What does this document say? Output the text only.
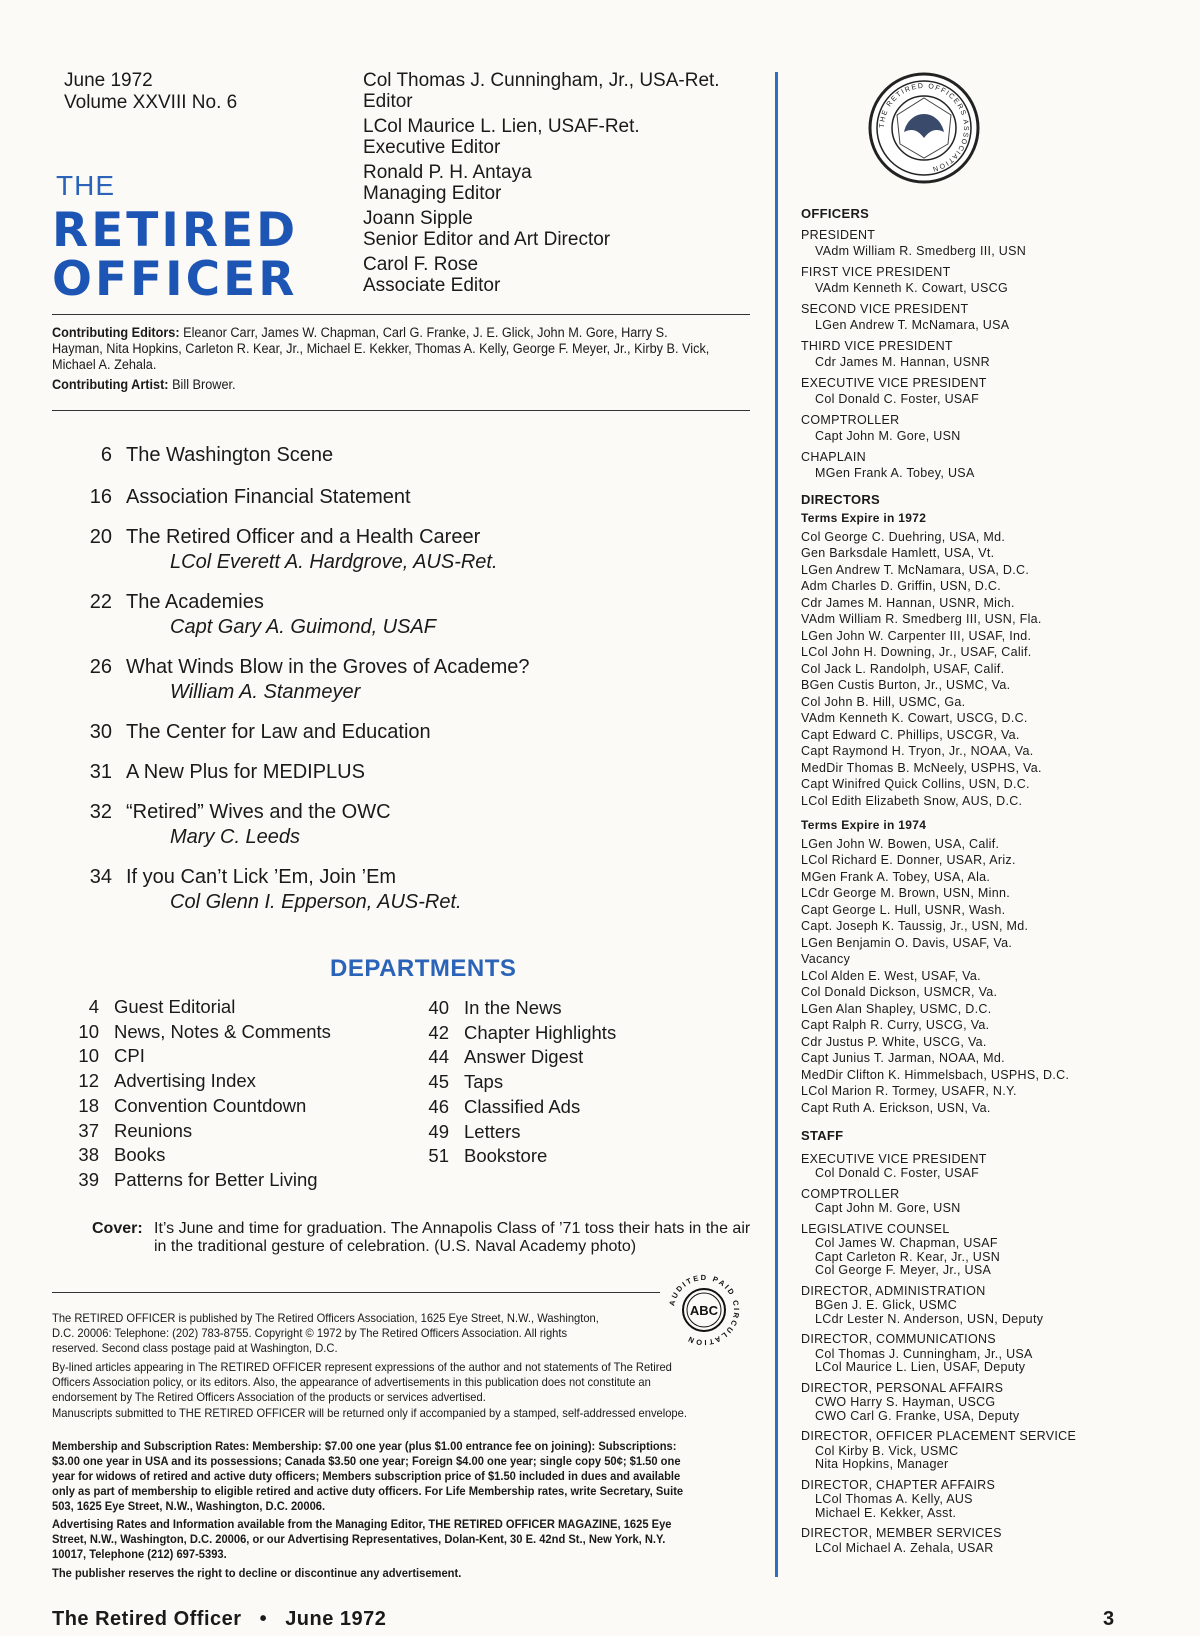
June 1972
Volume XXVIII No. 6
THE
RETIRED
OFFICER
Col Thomas J. Cunningham, Jr., USA-Ret.
Editor
LCol Maurice L. Lien, USAF-Ret.
Executive Editor
Ronald P. H. Antaya
Managing Editor
Joann Sipple
Senior Editor and Art Director
Carol F. Rose
Associate Editor
Contributing Editors: Eleanor Carr, James W. Chapman, Carl G. Franke, J. E. Glick, John M. Gore, Harry S. Hayman, Nita Hopkins, Carleton R. Kear, Jr., Michael E. Kekker, Thomas A. Kelly, George F. Meyer, Jr., Kirby B. Vick, Michael A. Zehala.
Contributing Artist: Bill Brower.
6 The Washington Scene
16 Association Financial Statement
20 The Retired Officer and a Health Career
LCol Everett A. Hardgrove, AUS-Ret.
22 The Academies
Capt Gary A. Guimond, USAF
26 What Winds Blow in the Groves of Academe?
William A. Stanmeyer
30 The Center for Law and Education
31 A New Plus for MEDIPLUS
32 “Retired” Wives and the OWC
Mary C. Leeds
34 If you Can’t Lick ’Em, Join ’Em
Col Glenn I. Epperson, AUS-Ret.
DEPARTMENTS
4 Guest Editorial
10 News, Notes & Comments
10 CPI
12 Advertising Index
18 Convention Countdown
37 Reunions
38 Books
39 Patterns for Better Living
40 In the News
42 Chapter Highlights
44 Answer Digest
45 Taps
46 Classified Ads
49 Letters
51 Bookstore
Cover: It’s June and time for graduation. The Annapolis Class of ’71 toss their hats in the air in the traditional gesture of celebration. (U.S. Naval Academy photo)
ABC
AUDITED PAID CIRCULATION
The RETIRED OFFICER is published by The Retired Officers Association, 1625 Eye Street, N.W., Washington, D.C. 20006: Telephone: (202) 783-8755. Copyright © 1972 by The Retired Officers Association. All rights reserved. Second class postage paid at Washington, D.C.
By-lined articles appearing in The RETIRED OFFICER represent expressions of the author and not statements of The Retired Officers Association policy, or its editors. Also, the appearance of advertisements in this publication does not constitute an endorsement by The Retired Officers Association of the products or services advertised.
Manuscripts submitted to THE RETIRED OFFICER will be returned only if accompanied by a stamped, self-addressed envelope.
Membership and Subscription Rates: Membership: $7.00 one year (plus $1.00 entrance fee on joining): Subscriptions: $3.00 one year in USA and its possessions; Canada $3.50 one year; Foreign $4.00 one year; single copy 50¢; $1.50 one year for widows of retired and active duty officers; Members subscription price of $1.50 included in dues and available only as part of membership to eligible retired and active duty officers. For Life Membership rates, write Secretary, Suite 503, 1625 Eye Street, N.W., Washington, D.C. 20006.
Advertising Rates and Information available from the Managing Editor, THE RETIRED OFFICER MAGAZINE, 1625 Eye Street, N.W., Washington, D.C. 20006, or our Advertising Representatives, Dolan-Kent, 30 E. 42nd St., New York, N.Y. 10017, Telephone (212) 697-5393.
The publisher reserves the right to decline or discontinue any advertisement.
The Retired Officer • June 1972	3
THE RETIRED OFFICERS ASSOCIATION
OFFICERS
PRESIDENT
VAdm William R. Smedberg III, USN
FIRST VICE PRESIDENT
VAdm Kenneth K. Cowart, USCG
SECOND VICE PRESIDENT
LGen Andrew T. McNamara, USA
THIRD VICE PRESIDENT
Cdr James M. Hannan, USNR
EXECUTIVE VICE PRESIDENT
Col Donald C. Foster, USAF
COMPTROLLER
Capt John M. Gore, USN
CHAPLAIN
MGen Frank A. Tobey, USA
DIRECTORS
Terms Expire in 1972
Col George C. Duehring, USA, Md.
Gen Barksdale Hamlett, USA, Vt.
LGen Andrew T. McNamara, USA, D.C.
Adm Charles D. Griffin, USN, D.C.
Cdr James M. Hannan, USNR, Mich.
VAdm William R. Smedberg III, USN, Fla.
LGen John W. Carpenter III, USAF, Ind.
LCol John H. Downing, Jr., USAF, Calif.
Col Jack L. Randolph, USAF, Calif.
BGen Custis Burton, Jr., USMC, Va.
Col John B. Hill, USMC, Ga.
VAdm Kenneth K. Cowart, USCG, D.C.
Capt Edward C. Phillips, USCGR, Va.
Capt Raymond H. Tryon, Jr., NOAA, Va.
MedDir Thomas B. McNeely, USPHS, Va.
Capt Winifred Quick Collins, USN, D.C.
LCol Edith Elizabeth Snow, AUS, D.C.
Terms Expire in 1974
LGen John W. Bowen, USA, Calif.
LCol Richard E. Donner, USAR, Ariz.
MGen Frank A. Tobey, USA, Ala.
LCdr George M. Brown, USN, Minn.
Capt George L. Hull, USNR, Wash.
Capt. Joseph K. Taussig, Jr., USN, Md.
LGen Benjamin O. Davis, USAF, Va.
Vacancy
LCol Alden E. West, USAF, Va.
Col Donald Dickson, USMCR, Va.
LGen Alan Shapley, USMC, D.C.
Capt Ralph R. Curry, USCG, Va.
Cdr Justus P. White, USCG, Va.
Capt Junius T. Jarman, NOAA, Md.
MedDir Clifton K. Himmelsbach, USPHS, D.C.
LCol Marion R. Tormey, USAFR, N.Y.
Capt Ruth A. Erickson, USN, Va.
STAFF
EXECUTIVE VICE PRESIDENT
Col Donald C. Foster, USAF
COMPTROLLER
Capt John M. Gore, USN
LEGISLATIVE COUNSEL
Col James W. Chapman, USAF
Capt Carleton R. Kear, Jr., USN
Col George F. Meyer, Jr., USA
DIRECTOR, ADMINISTRATION
BGen J. E. Glick, USMC
LCdr Lester N. Anderson, USN, Deputy
DIRECTOR, COMMUNICATIONS
Col Thomas J. Cunningham, Jr., USA
LCol Maurice L. Lien, USAF, Deputy
DIRECTOR, PERSONAL AFFAIRS
CWO Harry S. Hayman, USCG
CWO Carl G. Franke, USA, Deputy
DIRECTOR, OFFICER PLACEMENT SERVICE
Col Kirby B. Vick, USMC
Nita Hopkins, Manager
DIRECTOR, CHAPTER AFFAIRS
LCol Thomas A. Kelly, AUS
Michael E. Kekker, Asst.
DIRECTOR, MEMBER SERVICES
LCol Michael A. Zehala, USAR
